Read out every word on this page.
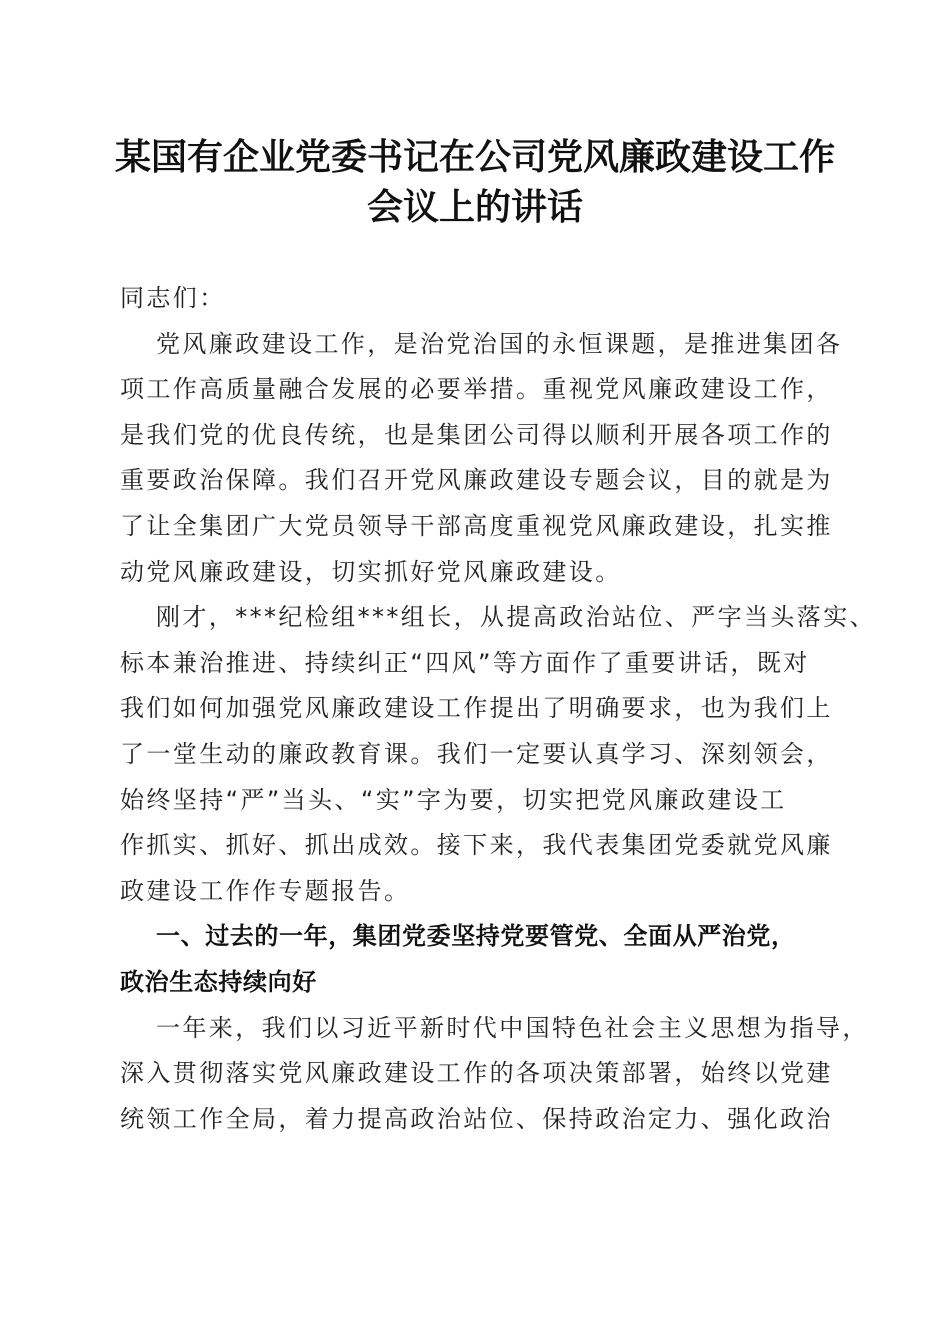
某国有企业党委书记在公司党风廉政建设工作
会议上的讲话
同志们：
党风廉政建设工作，是治党治国的永恒课题，是推进集团各
项工作高质量融合发展的必要举措。重视党风廉政建设工作，
是我们党的优良传统，也是集团公司得以顺利开展各项工作的
重要政治保障。我们召开党风廉政建设专题会议，目的就是为
了让全集团广大党员领导干部高度重视党风廉政建设，扎实推
动党风廉政建设，切实抓好党风廉政建设。
刚才，***纪检组***组长，从提高政治站位、严字当头落实、
标本兼治推进、持续纠正“四风”等方面作了重要讲话，既对
我们如何加强党风廉政建设工作提出了明确要求，也为我们上
了一堂生动的廉政教育课。我们一定要认真学习、深刻领会，
始终坚持“严”当头、“实”字为要，切实把党风廉政建设工
作抓实、抓好、抓出成效。接下来，我代表集团党委就党风廉
政建设工作作专题报告。
一、过去的一年，集团党委坚持党要管党、全面从严治党，
政治生态持续向好
一年来，我们以习近平新时代中国特色社会主义思想为指导，
深入贯彻落实党风廉政建设工作的各项决策部署，始终以党建
统领工作全局，着力提高政治站位、保持政治定力、强化政治
